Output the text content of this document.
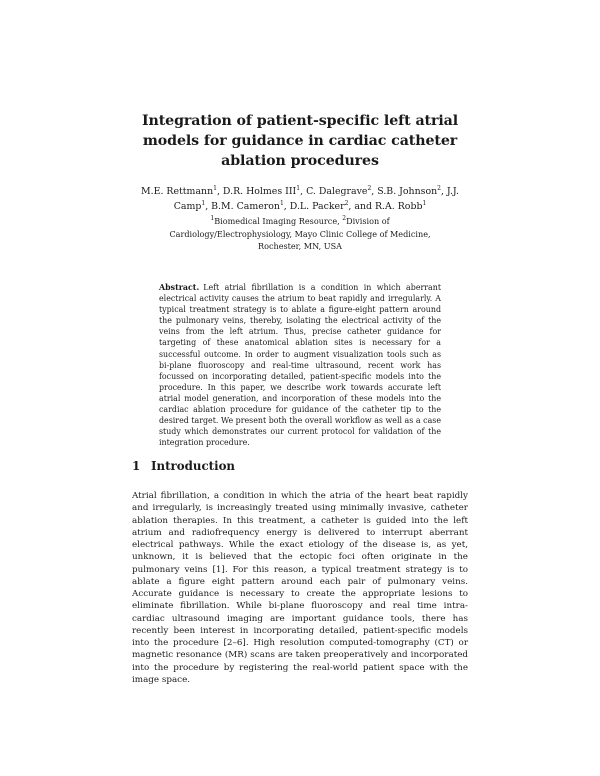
Integration of patient-specific left atrial models for guidance in cardiac catheter ablation procedures
M.E. Rettmann$^1$, D.R. Holmes III$^1$, C. Dalegrave$^2$, S.B. Johnson$^2$, J.J. Camp$^1$, B.M. Cameron$^1$, D.L. Packer$^2$, and R.A. Robb$^1$
$^1$Biomedical Imaging Resource, $^2$Division of Cardiology/Electrophysiology, Mayo Clinic College of Medicine,
Rochester, MN, USA
Abstract. Left atrial fibrillation is a condition in which aberrant electrical activity causes the atrium to beat rapidly and irregularly. A typical treatment strategy is to ablate a figure-eight pattern around the pulmonary veins, thereby, isolating the electrical activity of the veins from the left atrium. Thus, precise catheter guidance for targeting of these anatomical ablation sites is necessary for a successful outcome. In order to augment visualization tools such as bi-plane fluoroscopy and real-time ultrasound, recent work has focussed on incorporating detailed, patient-specific models into the procedure. In this paper, we describe work towards accurate left atrial model generation, and incorporation of these models into the cardiac ablation procedure for guidance of the catheter tip to the desired target. We present both the overall workflow as well as a case study which demonstrates our current protocol for validation of the integration procedure.
1 Introduction
Atrial fibrillation, a condition in which the atria of the heart beat rapidly and irregularly, is increasingly treated using minimally invasive, catheter ablation therapies. In this treatment, a catheter is guided into the left atrium and radiofrequency energy is delivered to interrupt aberrant electrical pathways. While the exact etiology of the disease is, as yet, unknown, it is believed that the ectopic foci often originate in the pulmonary veins [1]. For this reason, a typical treatment strategy is to ablate a figure eight pattern around each pair of pulmonary veins. Accurate guidance is necessary to create the appropriate lesions to eliminate fibrillation. While bi-plane fluoroscopy and real time intra-cardiac ultrasound imaging are important guidance tools, there has recently been interest in incorporating detailed, patient-specific models into the procedure [2–6]. High resolution computed-tomography (CT) or magnetic resonance (MR) scans are taken preoperatively and incorporated into the procedure by registering the real-world patient space with the image space.
